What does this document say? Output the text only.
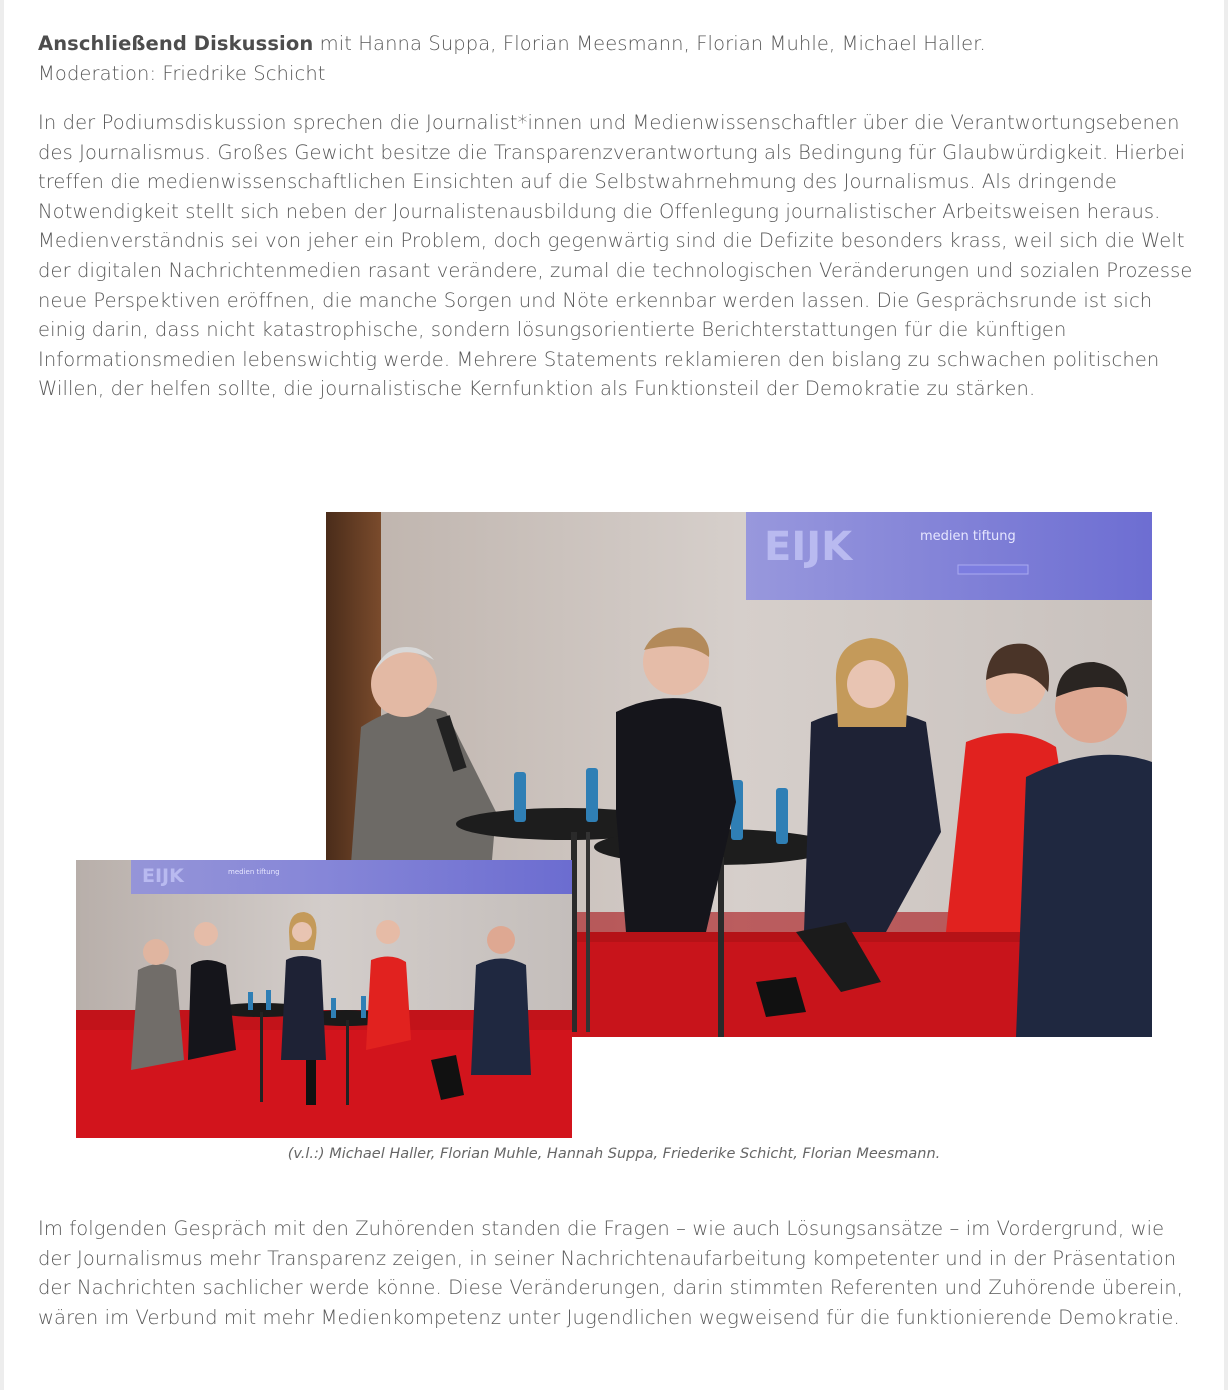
Anschließend Diskussion mit Hanna Suppa, Florian Meesmann, Florian Muhle, Michael Haller.
Moderation: Friedrike Schicht
In der Podiumsdiskussion sprechen die Journalist*innen und Medienwissenschaftler über die Verantwortungsebenen des Journalismus. Großes Gewicht besitze die Transparenzverantwortung als Bedingung für Glaubwürdigkeit. Hierbei treffen die medienwissenschaftlichen Einsichten auf die Selbstwahrnehmung des Journalismus. Als dringende Notwendigkeit stellt sich neben der Journalistenausbildung die Offenlegung journalistischer Arbeitsweisen heraus. Medienverständnis sei von jeher ein Problem, doch gegenwärtig sind die Defizite besonders krass, weil sich die Welt der digitalen Nachrichtenmedien rasant verändere, zumal die technologischen Veränderungen und sozialen Prozesse neue Perspektiven eröffnen, die manche Sorgen und Nöte erkennbar werden lassen. Die Gesprächsrunde ist sich einig darin, dass nicht katastrophische, sondern lösungsorientierte Berichterstattungen für die künftigen Informationsmedien lebenswichtig werde. Mehrere Statements reklamieren den bislang zu schwachen politischen Willen, der helfen sollte, die journalistische Kernfunktion als Funktionsteil der Demokratie zu stärken.
EIJK	medien tiftung
EIJK	medien tiftung
(v.l.:) Michael Haller, Florian Muhle, Hannah Suppa, Friederike Schicht, Florian Meesmann.
Im folgenden Gespräch mit den Zuhörenden standen die Fragen – wie auch Lösungsansätze – im Vordergrund, wie der Journalismus mehr Transparenz zeigen, in seiner Nachrichtenaufarbeitung kompetenter und in der Präsentation der Nachrichten sachlicher werde könne. Diese Veränderungen, darin stimmten Referenten und Zuhörende überein, wären im Verbund mit mehr Medienkompetenz unter Jugendlichen wegweisend für die funktionierende Demokratie.
